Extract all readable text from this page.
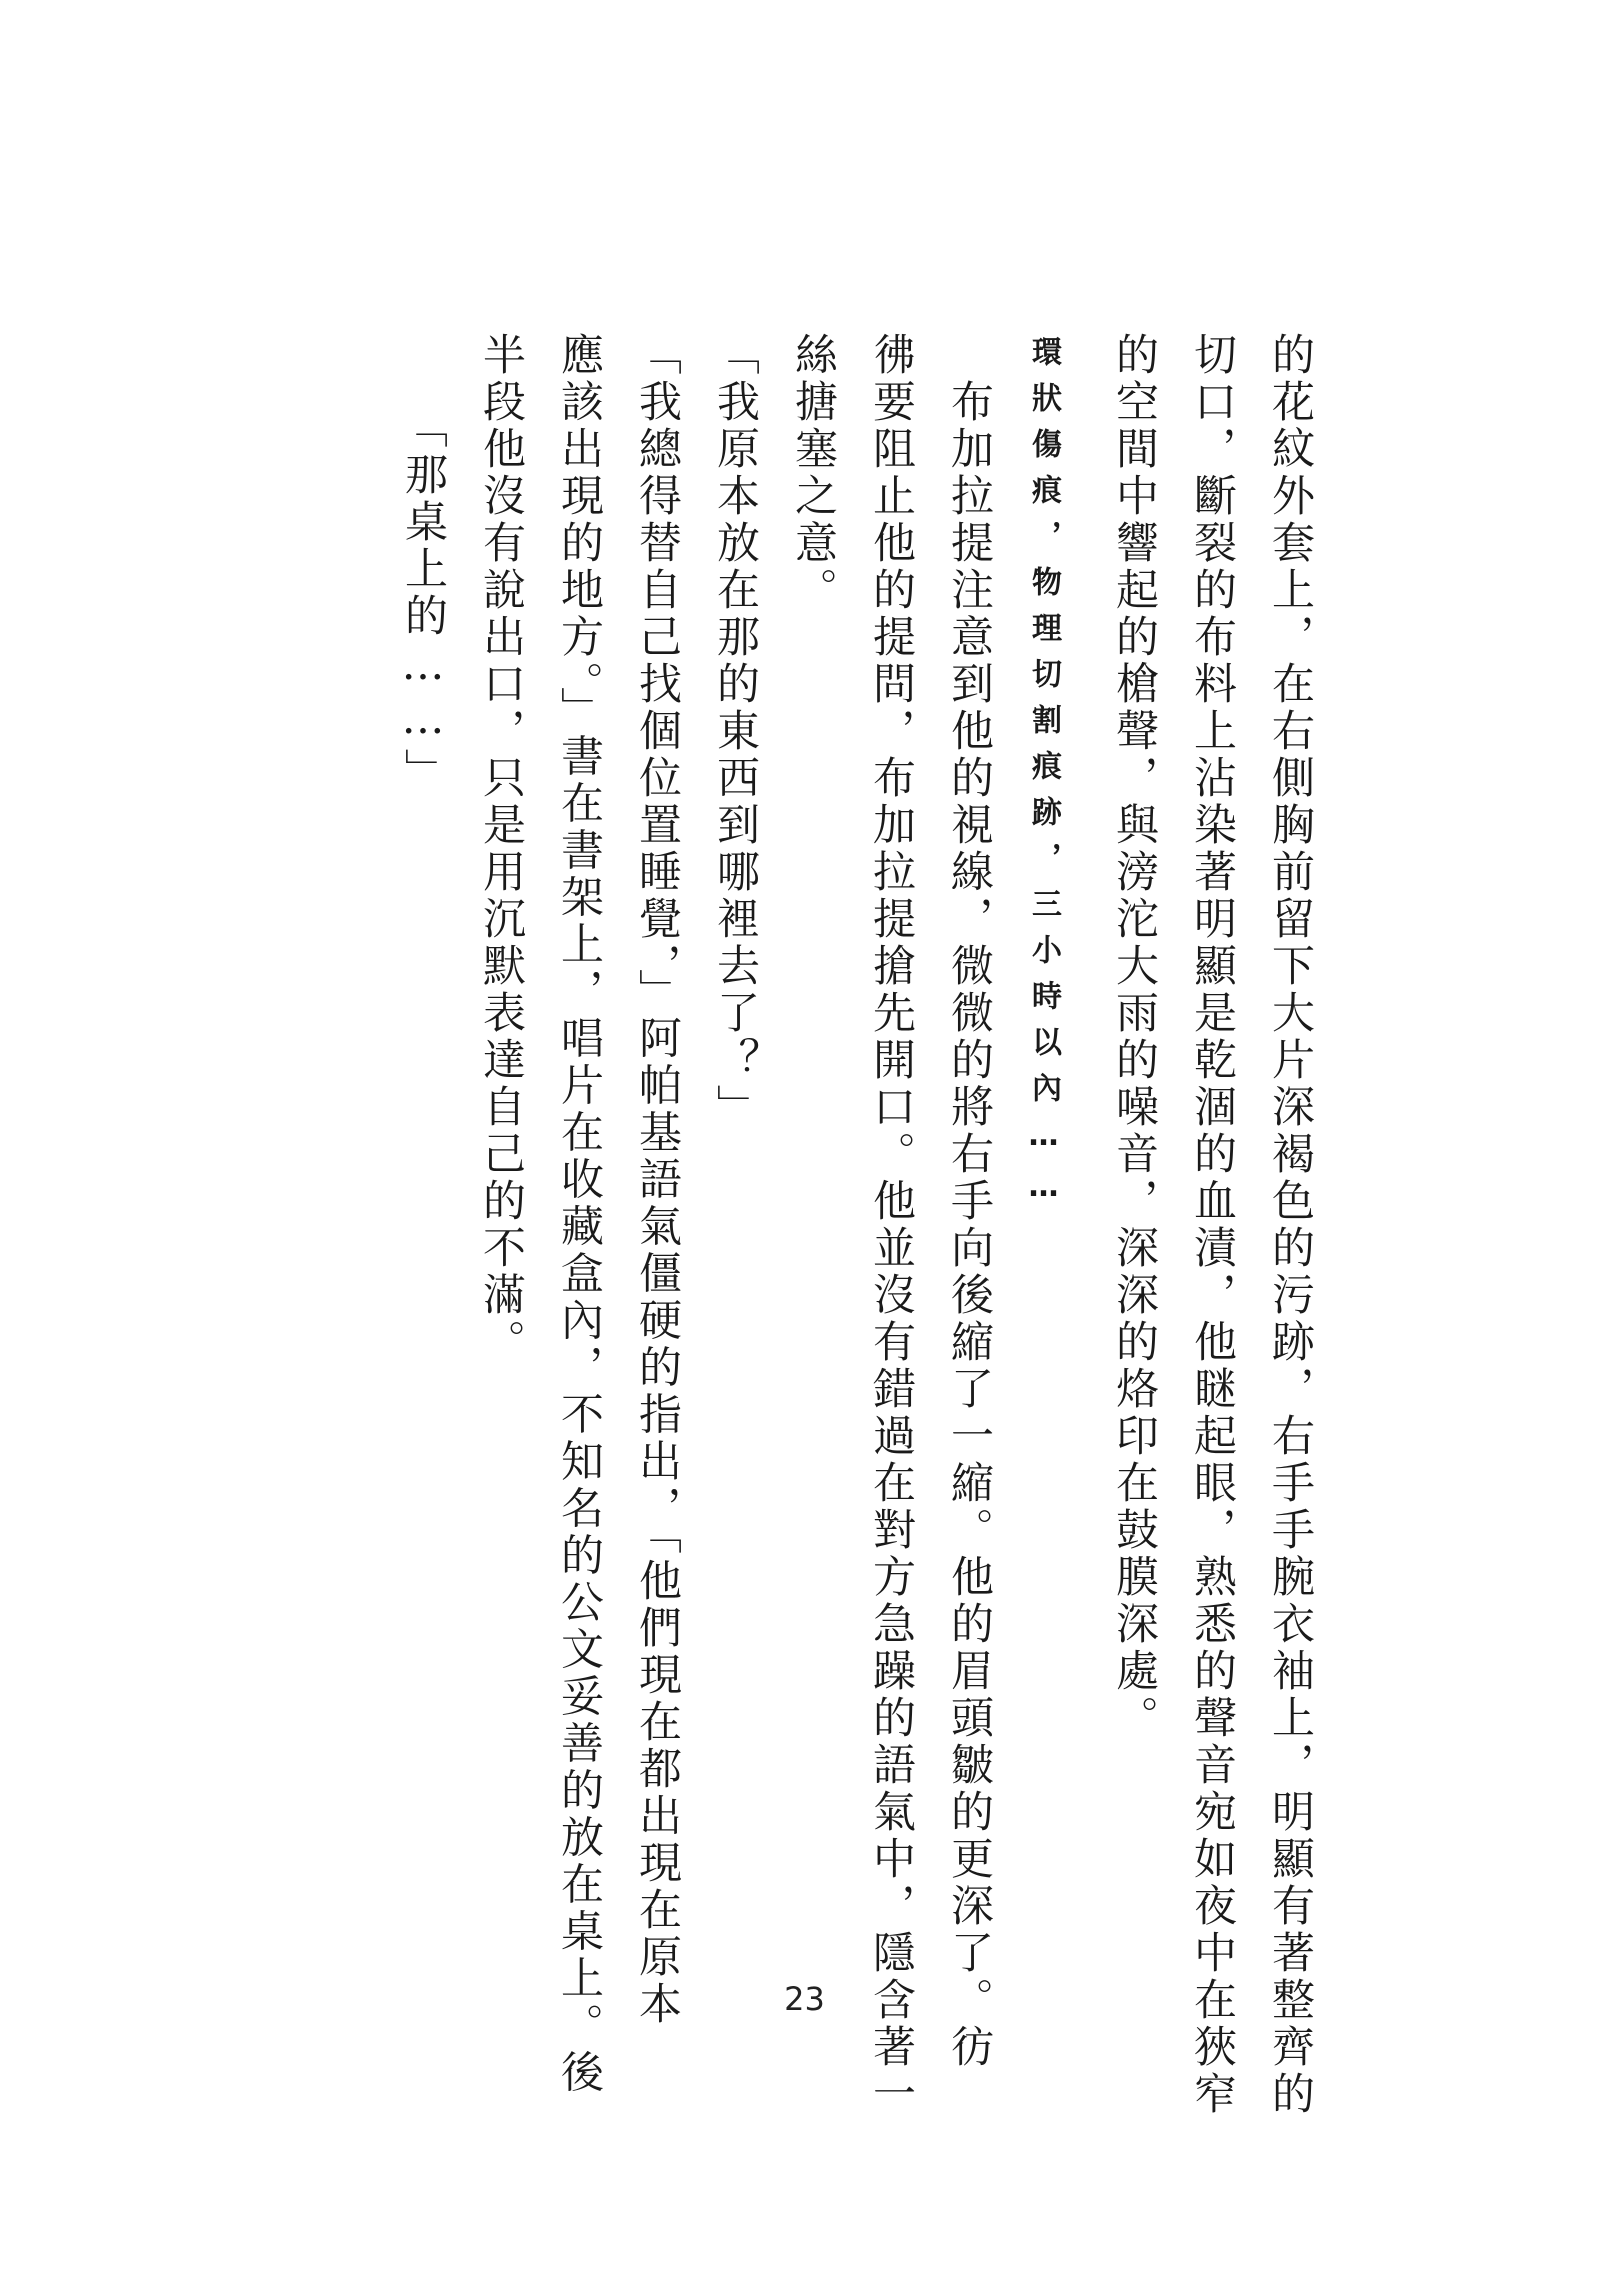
的花紋外套上，在右側胸前留下大片深褐色的污跡，右手手腕衣袖上，明顯有著整齊的

切口，斷裂的布料上沾染著明顯是乾涸的血漬，他瞇起眼，熟悉的聲音宛如夜中在狹窄

的空間中響起的槍聲，與滂沱大雨的噪音，深深的烙印在鼓膜深處。

環狀傷痕，物理切割痕跡，三小時以內……

　布加拉提注意到他的視線，微微的將右手向後縮了一縮。他的眉頭皺的更深了。彷

彿要阻止他的提問，布加拉提搶先開口。他並沒有錯過在對方急躁的語氣中，隱含著一

絲搪塞之意。

「我原本放在那的東西到哪裡去了？」

「我總得替自己找個位置睡覺，」阿帕基語氣僵硬的指出，「他們現在都出現在原本

應該出現的地方。」書在書架上，唱片在收藏盒內，不知名的公文妥善的放在桌上。後

半段他沒有說出口，只是用沉默表達自己的不滿。

「那桌上的……」

23
